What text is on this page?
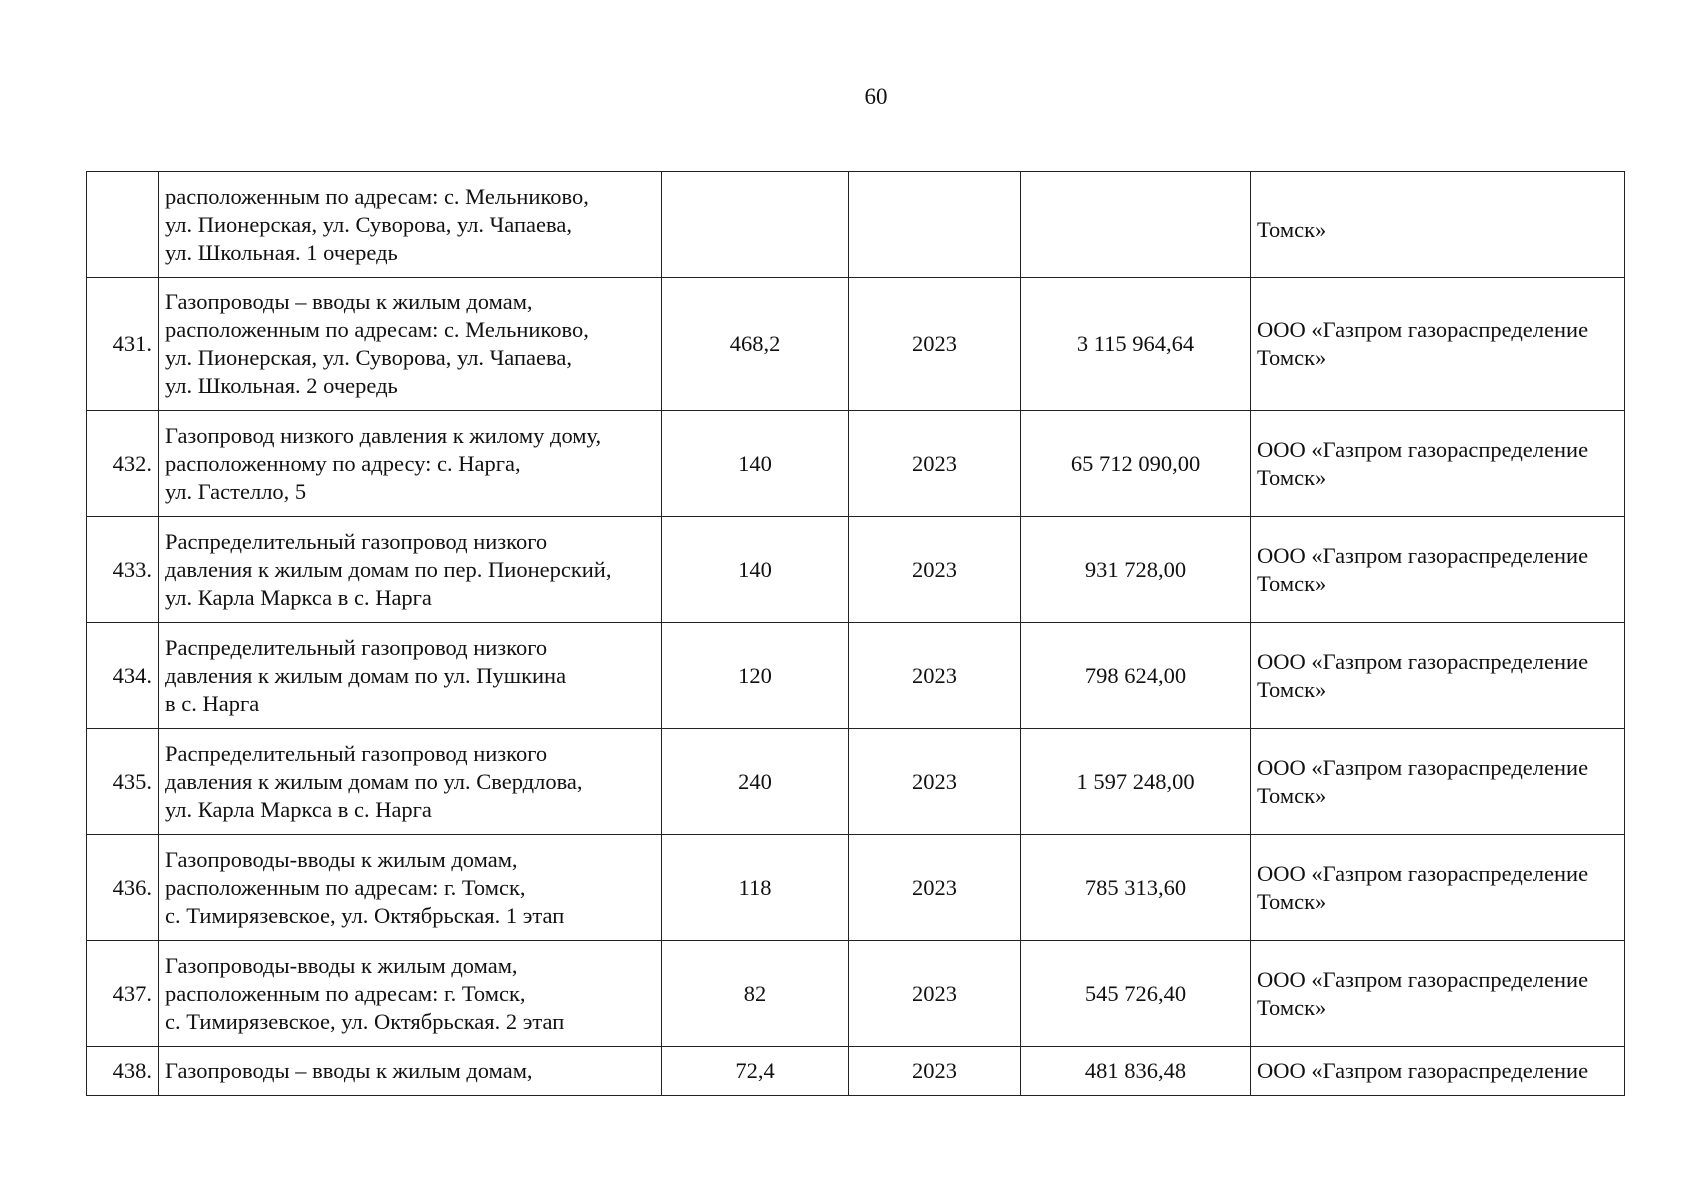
60
	расположенным по адресам: с. Мельниково,
ул. Пионерская, ул. Суворова, ул. Чапаева,
ул. Школьная. 1 очередь				Томск»
431.	Газопроводы – вводы к жилым домам,
расположенным по адресам: с. Мельниково,
ул. Пионерская, ул. Суворова, ул. Чапаева,
ул. Школьная. 2 очередь	468,2	2023	3 115 964,64	ООО «Газпром газораспределение
Томск»
432.	Газопровод низкого давления к жилому дому,
расположенному по адресу: с. Нарга,
ул. Гастелло, 5	140	2023	65 712 090,00	ООО «Газпром газораспределение
Томск»
433.	Распределительный газопровод низкого
давления к жилым домам по пер. Пионерский,
ул. Карла Маркса в с. Нарга	140	2023	931 728,00	ООО «Газпром газораспределение
Томск»
434.	Распределительный газопровод низкого
давления к жилым домам по ул. Пушкина
в с. Нарга	120	2023	798 624,00	ООО «Газпром газораспределение
Томск»
435.	Распределительный газопровод низкого
давления к жилым домам по ул. Свердлова,
ул. Карла Маркса в с. Нарга	240	2023	1 597 248,00	ООО «Газпром газораспределение
Томск»
436.	Газопроводы-вводы к жилым домам,
расположенным по адресам: г. Томск,
с. Тимирязевское, ул. Октябрьская. 1 этап	118	2023	785 313,60	ООО «Газпром газораспределение
Томск»
437.	Газопроводы-вводы к жилым домам,
расположенным по адресам: г. Томск,
с. Тимирязевское, ул. Октябрьская. 2 этап	82	2023	545 726,40	ООО «Газпром газораспределение
Томск»
438.	Газопроводы – вводы к жилым домам,	72,4	2023	481 836,48	ООО «Газпром газораспределение
